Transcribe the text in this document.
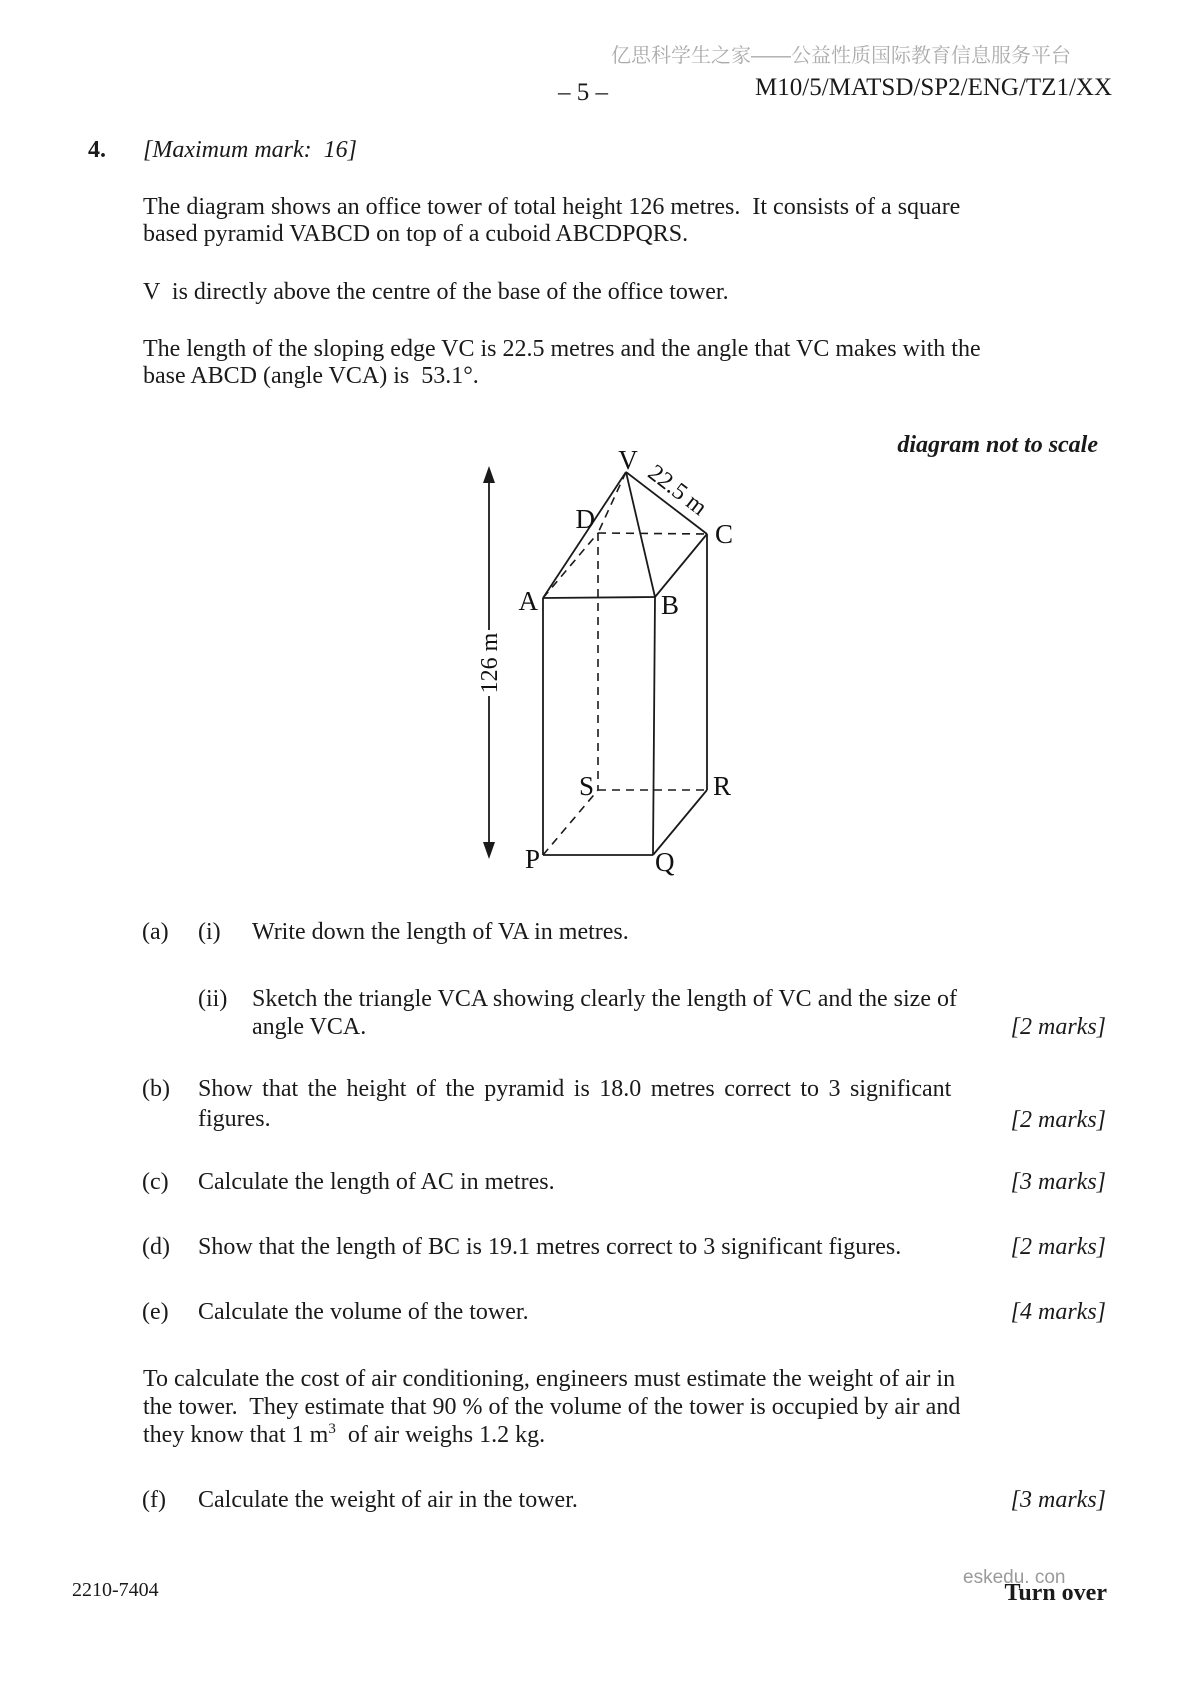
亿思科学生之家——公益性质国际教育信息服务平台
– 5 –	M10/5/MATSD/SP2/ENG/TZ1/XX
4. [Maximum mark:  16]
The diagram shows an office tower of total height 126 metres.  It consists of a square
based pyramid VABCD on top of a cuboid ABCDPQRS.
V  is directly above the centre of the base of the office tower.
The length of the sloping edge VC is 22.5 metres and the angle that VC makes with the
base ABCD (angle VCA) is  53.1°.
diagram not to scale
126 m
22.5 m
V
D	C
A	B
S	R
P	Q
(a) (i) Write down the length of VA in metres.
(ii) Sketch the triangle VCA showing clearly the length of VC and the size of
angle VCA.	[2 marks]
(b) Show that the height of the pyramid is 18.0 metres correct to 3 significant
figures.	[2 marks]
(c) Calculate the length of AC in metres.	[3 marks]
(d) Show that the length of BC is 19.1 metres correct to 3 significant figures.	[2 marks]
(e) Calculate the volume of the tower.	[4 marks]
To calculate the cost of air conditioning, engineers must estimate the weight of air in
the tower.  They estimate that 90 % of the volume of the tower is occupied by air and
they know that 1 $m^3$  of air weighs 1.2 kg.
(f) Calculate the weight of air in the tower.	[3 marks]
2210-7404
eskedu. con
Turn over
